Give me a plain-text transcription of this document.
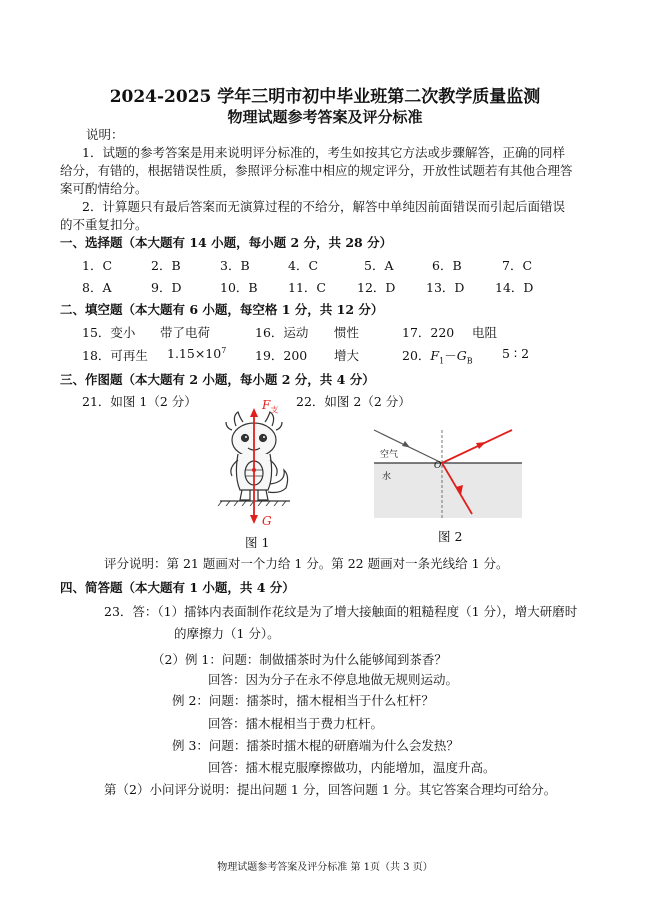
2024-2025 学年三明市初中毕业班第二次教学质量监测
物理试题参考答案及评分标准
说明：
1．试题的参考答案是用来说明评分标准的，考生如按其它方法或步骤解答，正确的同样
给分，有错的，根据错误性质，参照评分标准中相应的规定评分，开放性试题若有其他合理答
案可酌情给分。
2．计算题只有最后答案而无演算过程的不给分，解答中单纯因前面错误而引起后面错误
的不重复扣分。
一、选择题（本大题有 14 小题，每小题 2 分，共 28 分）
1．C	2．B	3．B	4．C	5．A	6．B	7．C
8．A	9．D	10．B 11．C 12．D 13．D 14．D
二、填空题（本大题有 6 小题，每空格 1 分，共 12 分）
15．变小 带了电荷	16．运动 惯性	17．220 电阻
18．可再生 $1.15\times 10^7$ 19．200 增大	20．$F_1-G_B$ 5 ∶ 2
三、作图题（本大题有 2 小题，每小题 2 分，共 4 分）
21．如图 1（2 分）	22．如图 2（2 分）
$F_支$
G
图 1
空气
水
O
图 2
评分说明：第 21 题画对一个力给 1 分。第 22 题画对一条光线给 1 分。
四、简答题（本大题有 1 小题，共 4 分）
23．答：（1）擂钵内表面制作花纹是为了增大接触面的粗糙程度（1 分），增大研磨时
的摩擦力（1 分）。
（2）例 1：问题：制做擂茶时为什么能够闻到茶香？
回答：因为分子在永不停息地做无规则运动。
例 2：问题：擂茶时，擂木棍相当于什么杠杆？
回答：擂木棍相当于费力杠杆。
例 3：问题：擂茶时擂木棍的研磨端为什么会发热？
回答：擂木棍克服摩擦做功，内能增加，温度升高。
第（2）小问评分说明：提出问题 1 分，回答问题 1 分。其它答案合理均可给分。
物理试题参考答案及评分标准 第 1页（共 3 页）
